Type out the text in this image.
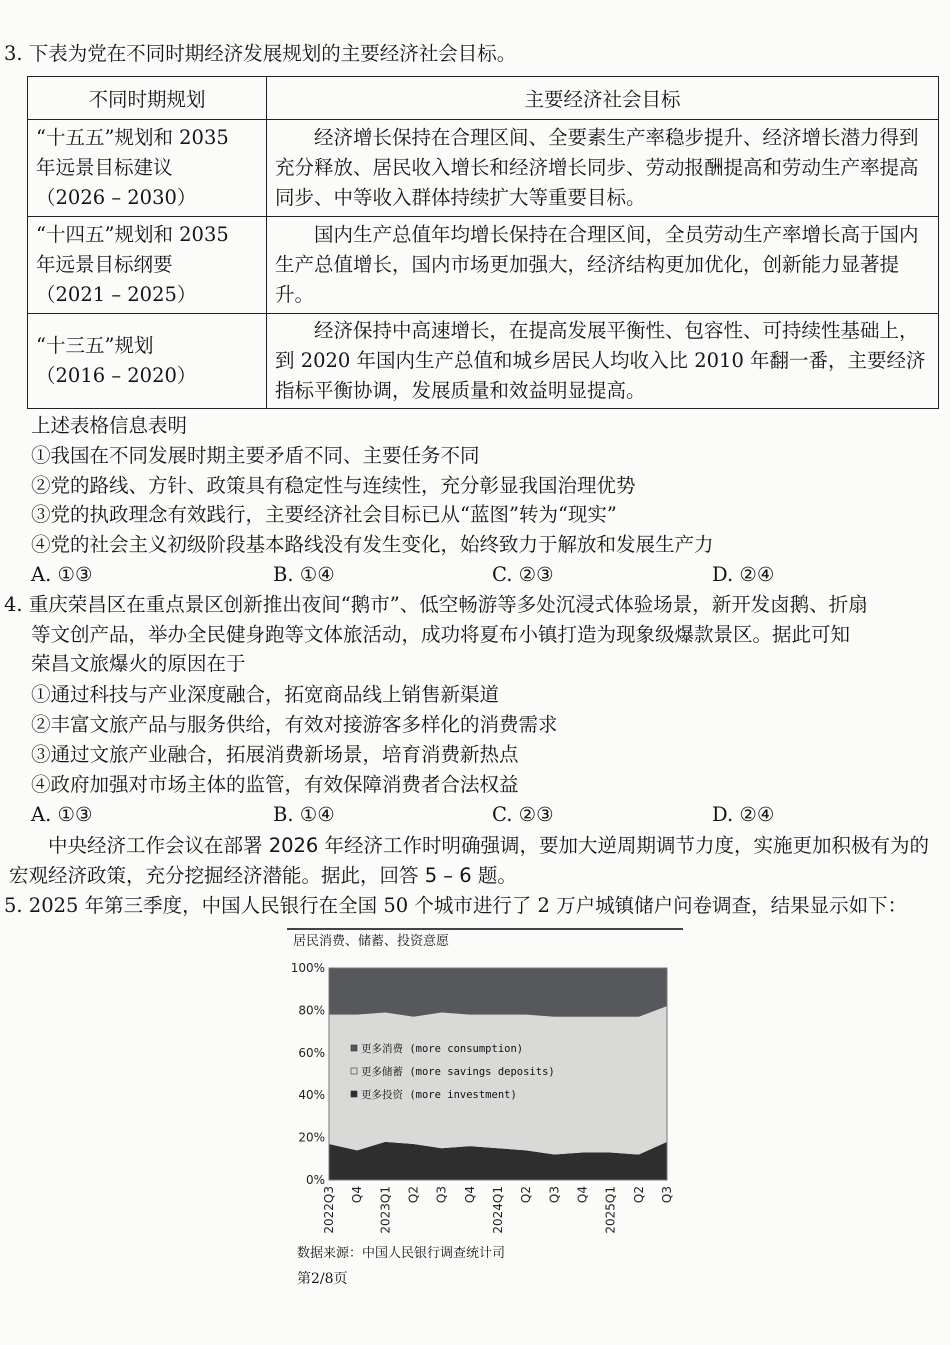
3. 下表为党在不同时期经济发展规划的主要经济社会目标。
不同时期规划	主要经济社会目标

“十五五”规划和 2035
年远景目标建议
（2026 – 2030）	经济增长保持在合理区间、全要素生产率稳步提升、经济增长潜力得到充分释放、居民收入增长和经济增长同步、劳动报酬提高和劳动生产率提高同步、中等收入群体持续扩大等重要目标。

“十四五”规划和 2035
年远景目标纲要
（2021 – 2025）	国内生产总值年均增长保持在合理区间，全员劳动生产率增长高于国内生产总值增长，国内市场更加强大，经济结构更加优化，创新能力显著提升。

“十三五”规划
（2016 – 2020）	经济保持中高速增长，在提高发展平衡性、包容性、可持续性基础上，到 2020 年国内生产总值和城乡居民人均收入比 2010 年翻一番，主要经济指标平衡协调，发展质量和效益明显提高。
上述表格信息表明
①我国在不同发展时期主要矛盾不同、主要任务不同
②党的路线、方针、政策具有稳定性与连续性，充分彰显我国治理优势
③党的执政理念有效践行，主要经济社会目标已从“蓝图”转为“现实”
④党的社会主义初级阶段基本路线没有发生变化，始终致力于解放和发展生产力
A. ①③	B. ①④	C. ②③	D. ②④
4. 重庆荣昌区在重点景区创新推出夜间“鹅市”、低空畅游等多处沉浸式体验场景，新开发卤鹅、折扇
等文创产品，举办全民健身跑等文体旅活动，成功将夏布小镇打造为现象级爆款景区。据此可知
荣昌文旅爆火的原因在于
①通过科技与产业深度融合，拓宽商品线上销售新渠道
②丰富文旅产品与服务供给，有效对接游客多样化的消费需求
③通过文旅产业融合，拓展消费新场景，培育消费新热点
④政府加强对市场主体的监管，有效保障消费者合法权益
A. ①③	B. ①④	C. ②③	D. ②④
中央经济工作会议在部署 2026 年经济工作时明确强调，要加大逆周期调节力度，实施更加积极有为的宏观经济政策，充分挖掘经济潜能。据此，回答 5 – 6 题。
5. 2025 年第三季度，中国人民银行在全国 50 个城市进行了 2 万户城镇储户问卷调查，结果显示如下：
居民消费、储蓄、投资意愿
0%
20%
40%
60%
80%
100%
2022Q3 Q4 2023Q1 Q2 Q3 Q4 2024Q1 Q2 Q3 Q4 2025Q1 Q2 Q3
更多消费 (more consumption)
更多储蓄 (more savings deposits)
更多投资 (more investment)
数据来源：中国人民银行调查统计司
第2/8页
